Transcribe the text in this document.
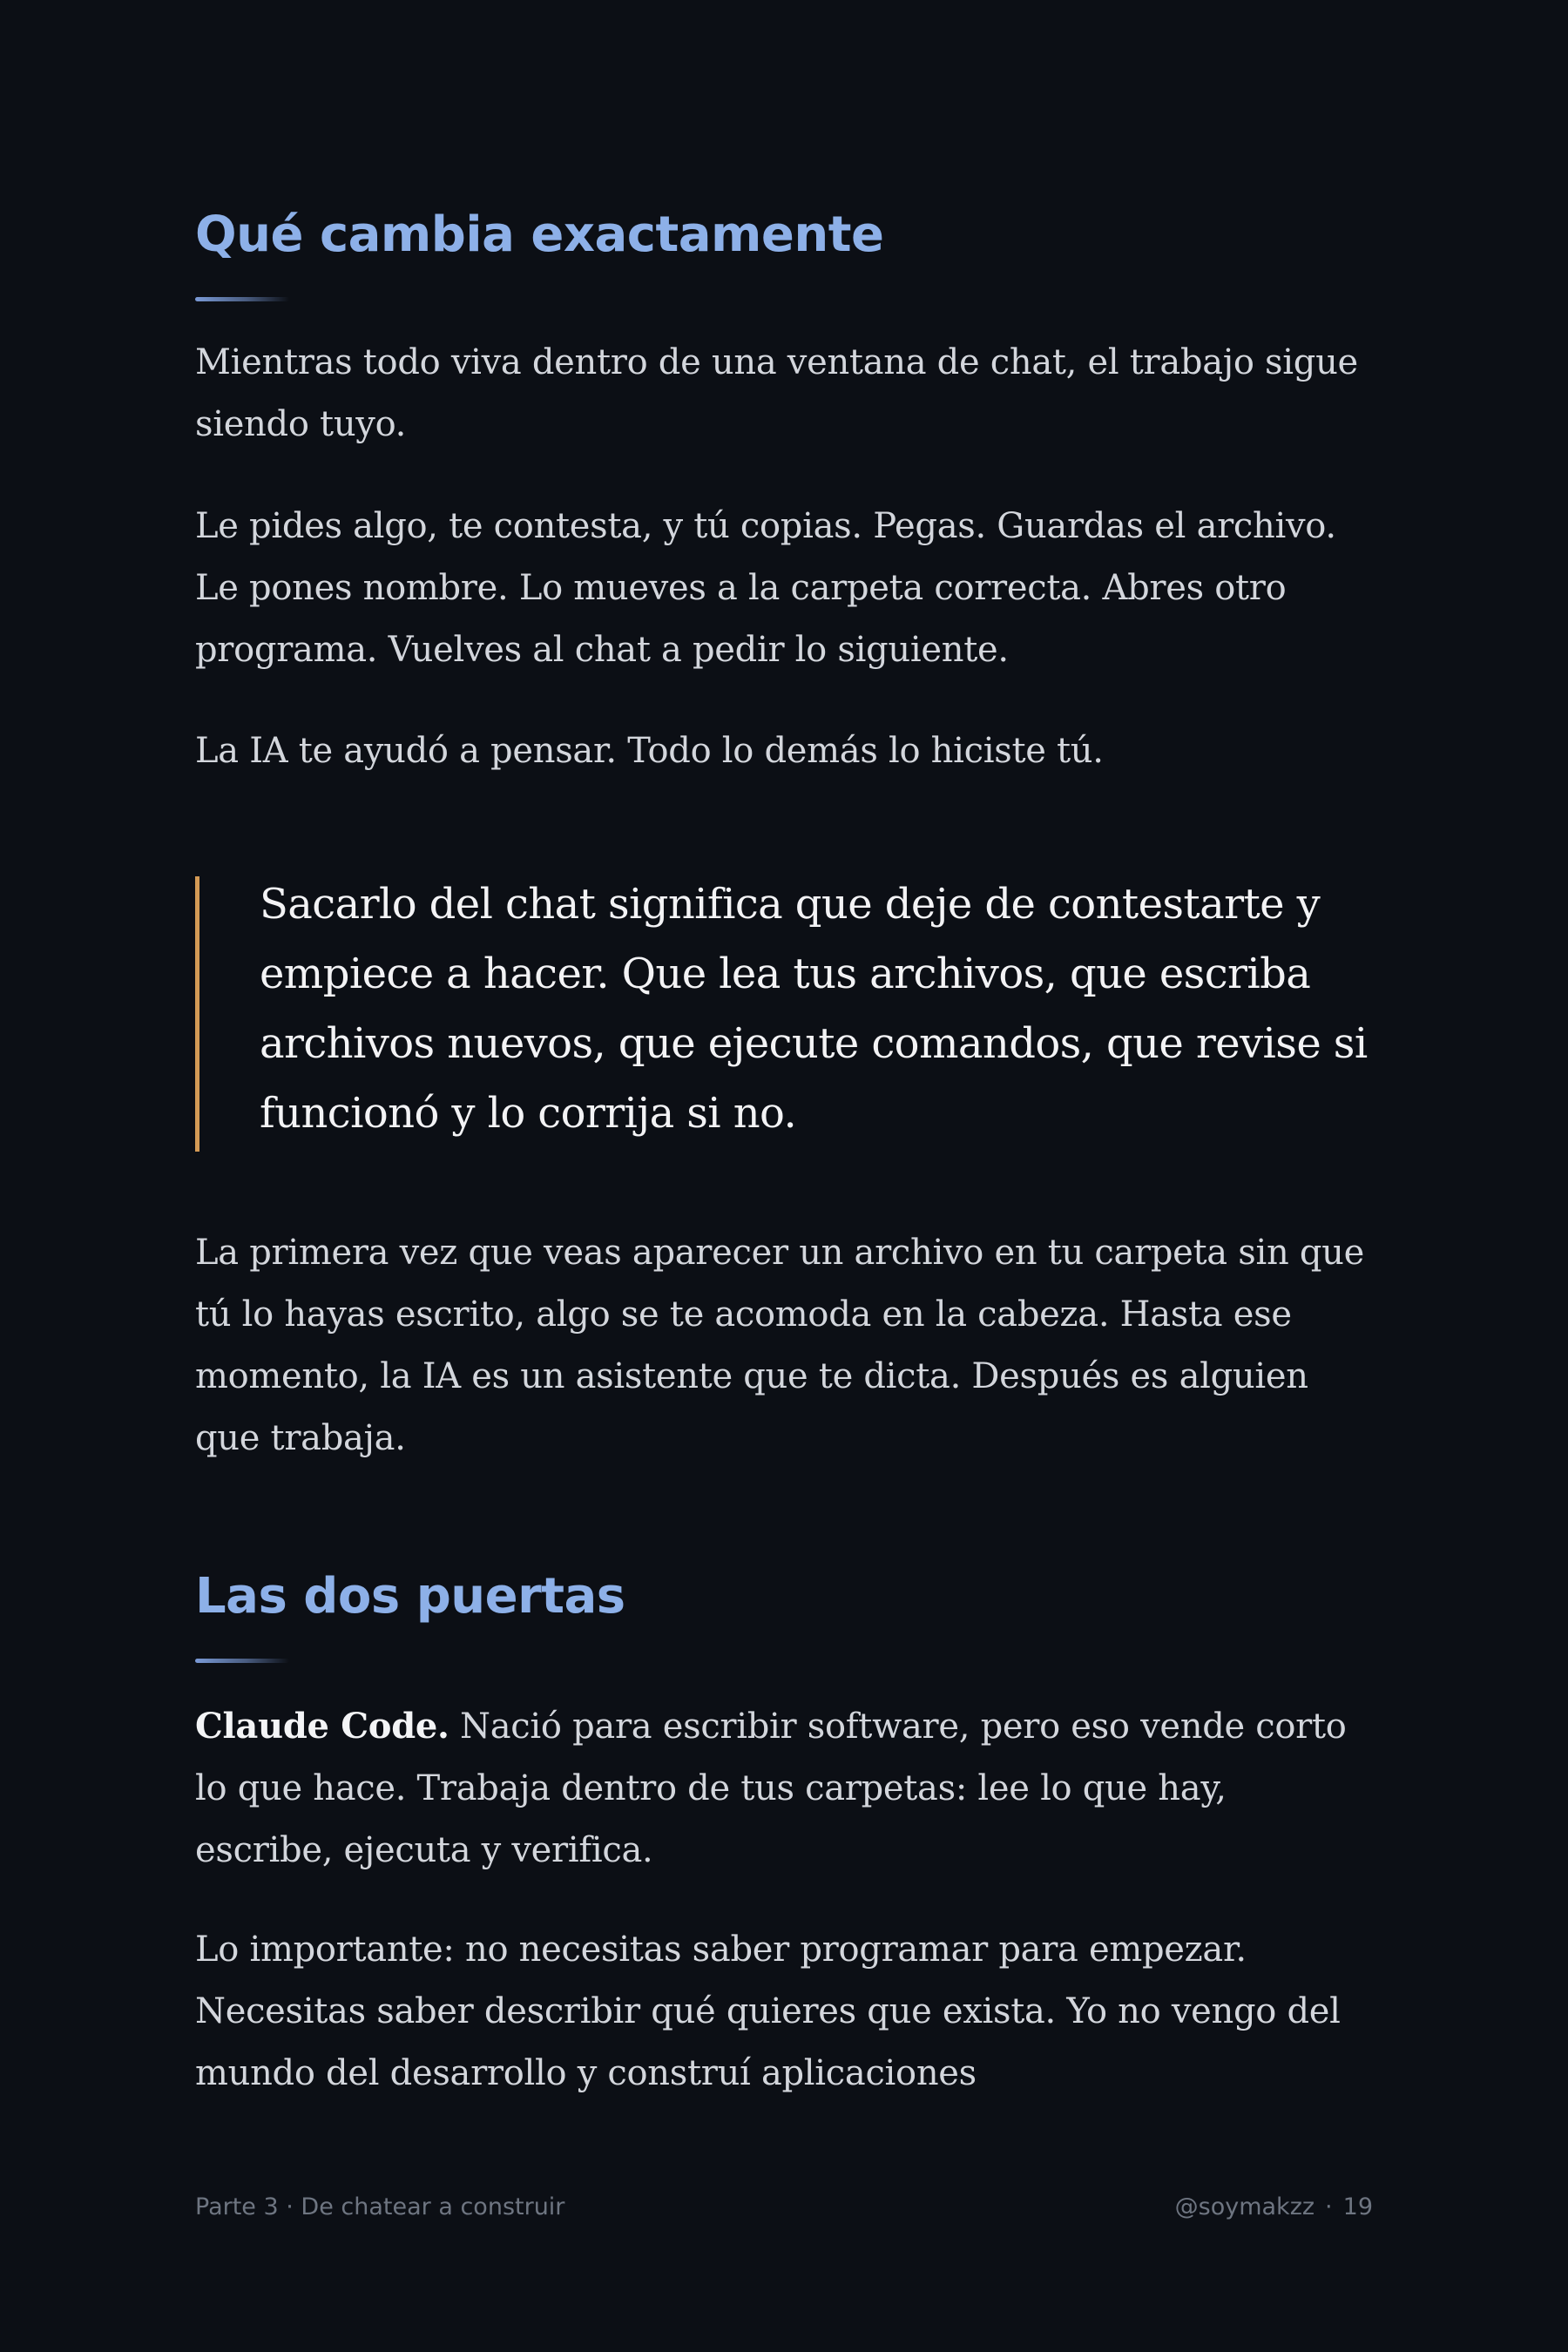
Qué cambia exactamente

Mientras todo viva dentro de una ventana de chat, el trabajo sigue siendo tuyo.

Le pides algo, te contesta, y tú copias. Pegas. Guardas el archivo. Le pones nombre. Lo mueves a la carpeta correcta. Abres otro programa. Vuelves al chat a pedir lo siguiente.

La IA te ayudó a pensar. Todo lo demás lo hiciste tú.

Sacarlo del chat significa que deje de contestarte y empiece a hacer. Que lea tus archivos, que escriba archivos nuevos, que ejecute comandos, que revise si funcionó y lo corrija si no.

La primera vez que veas aparecer un archivo en tu carpeta sin que tú lo hayas escrito, algo se te acomoda en la cabeza. Hasta ese momento, la IA es un asistente que te dicta. Después es alguien que trabaja.

Las dos puertas

Claude Code. Nació para escribir software, pero eso vende corto lo que hace. Trabaja dentro de tus carpetas: lee lo que hay, escribe, ejecuta y verifica.

Lo importante: no necesitas saber programar para empezar. Necesitas saber describir qué quieres que exista. Yo no vengo del mundo del desarrollo y construí aplicaciones

Parte 3 · De chatear a construir	@soymakzz · 19
